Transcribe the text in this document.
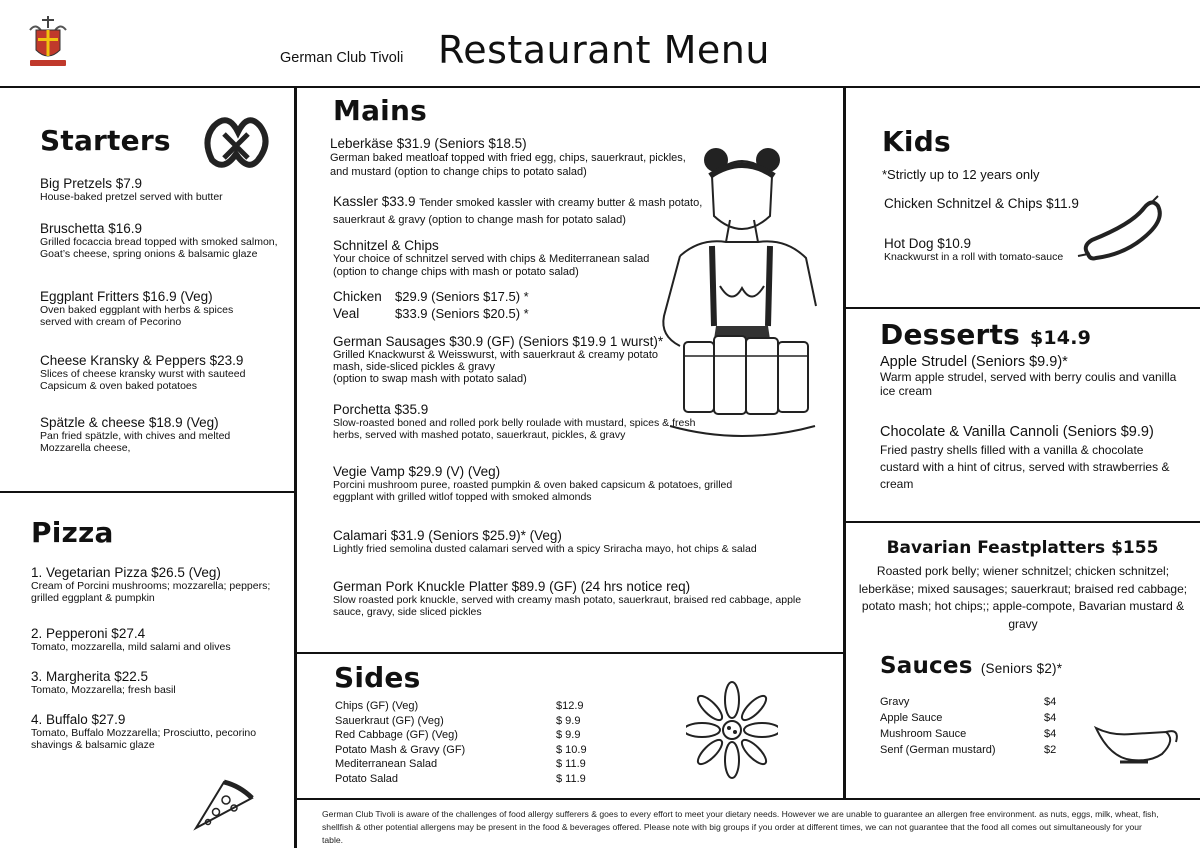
German Club Tivoli Restaurant Menu
Starters
Big Pretzels $7.9
House-baked pretzel served with butter
Bruschetta $16.9
Grilled focaccia bread topped with smoked salmon, Goat’s cheese, spring onions & balsamic glaze
Eggplant Fritters $16.9 (Veg)
Oven baked eggplant with herbs & spices served with cream of Pecorino
Cheese Kransky & Peppers $23.9
Slices of cheese kransky wurst with sauteed Capsicum & oven baked potatoes
Spätzle & cheese $18.9 (Veg)
Pan fried spätzle, with chives and melted Mozzarella cheese,
Pizza
1. Vegetarian Pizza $26.5 (Veg)
Cream of Porcini mushrooms; mozzarella; peppers; grilled eggplant & pumpkin
2. Pepperoni $27.4
Tomato, mozzarella, mild salami and olives
3. Margherita $22.5
Tomato, Mozzarella; fresh basil
4. Buffalo $27.9
Tomato, Buffalo Mozzarella; Prosciutto, pecorino shavings & balsamic glaze
Mains
Leberkäse $31.9 (Seniors $18.5)
German baked meatloaf topped with fried egg, chips, sauerkraut, pickles, and mustard (option to change chips to potato salad)
Kassler $33.9 Tender smoked kassler with creamy butter & mash potato, sauerkraut & gravy (option to change mash for potato salad)
Schnitzel & Chips
Your choice of schnitzel served with chips & Mediterranean salad (option to change chips with mash or potato salad)
Chicken $29.9 (Seniors $17.5) *
Veal	$33.9 (Seniors $20.5) *
German Sausages $30.9 (GF) (Seniors $19.9 1 wurst)*
Grilled Knackwurst & Weisswurst, with sauerkraut & creamy potato mash, side-sliced pickles & gravy
(option to swap mash with potato salad)
Porchetta $35.9
Slow-roasted boned and rolled pork belly roulade with mustard, spices & fresh herbs, served with mashed potato, sauerkraut, pickles, & gravy
Vegie Vamp $29.9 (V) (Veg)
Porcini mushroom puree, roasted pumpkin & oven baked capsicum & potatoes, grilled eggplant with grilled witlof topped with smoked almonds
Calamari $31.9 (Seniors $25.9)* (Veg)
Lightly fried semolina dusted calamari served with a spicy Sriracha mayo, hot chips & salad
German Pork Knuckle Platter $89.9 (GF) (24 hrs notice req)
Slow roasted pork knuckle, served with creamy mash potato, sauerkraut, braised red cabbage, apple sauce, gravy, side sliced pickles
Sides
Chips (GF) (Veg)	$12.9
Sauerkraut (GF) (Veg)	$ 9.9
Red Cabbage (GF) (Veg)	$ 9.9
Potato Mash & Gravy (GF)	$ 10.9
Mediterranean Salad	$ 11.9
Potato Salad	$ 11.9
Kids
*Strictly up to 12 years only
Chicken Schnitzel & Chips $11.9
Hot Dog $10.9
Knackwurst in a roll with tomato-sauce
Desserts $14.9
Apple Strudel (Seniors $9.9)*
Warm apple strudel, served with berry coulis and vanilla ice cream
Chocolate & Vanilla Cannoli (Seniors $9.9)
Fried pastry shells filled with a vanilla & chocolate custard with a hint of citrus, served with strawberries & cream
Bavarian Feastplatters $155
Roasted pork belly; wiener schnitzel; chicken schnitzel; leberkäse; mixed sausages; sauerkraut; braised red cabbage; potato mash; hot chips;; apple-compote, Bavarian mustard & gravy
Sauces (Seniors $2)*
Gravy	$4
Apple Sauce	$4
Mushroom Sauce	$4
Senf (German mustard)	$2
German Club Tivoli is aware of the challenges of food allergy sufferers & goes to every effort to meet your dietary needs. However we are unable to guarantee an allergen free environment. as nuts, eggs, milk, wheat, fish, shellfish & other potential allergens may be present in the food & beverages offered. Please note with big groups if you order at different times, we can not guarantee that the food all comes out simultaneously for your table.
